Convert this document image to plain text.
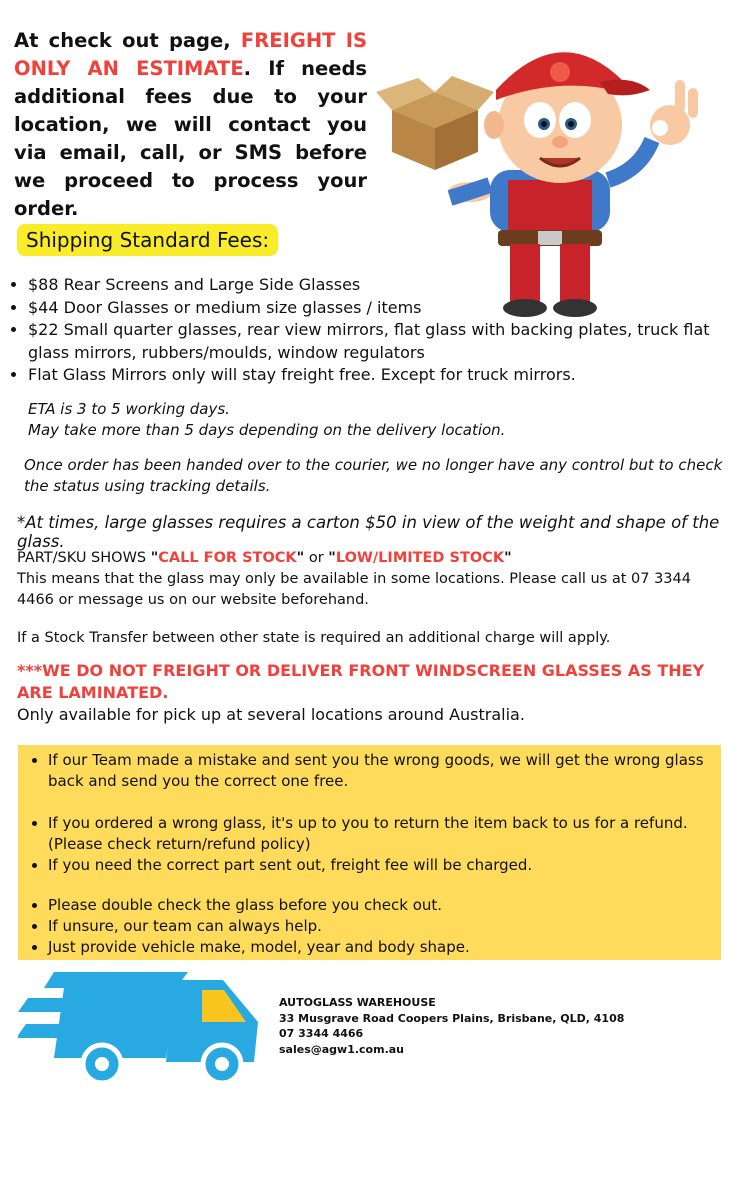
At check out page, FREIGHT IS ONLY AN ESTIMATE. If needs additional fees due to your location, we will contact you via email, call, or SMS before we proceed to process your order.
Shipping Standard Fees:
• $88 Rear Screens and Large Side Glasses
• $44 Door Glasses or medium size glasses / items
• $22 Small quarter glasses, rear view mirrors, flat glass with backing plates, truck flat glass mirrors, rubbers/moulds, window regulators
• Flat Glass Mirrors only will stay freight free. Except for truck mirrors.
ETA is 3 to 5 working days.
May take more than 5 days depending on the delivery location.
Once order has been handed over to the courier, we no longer have any control but to check the status using tracking details.
*At times, large glasses requires a carton $50 in view of the weight and shape of the glass.
PART/SKU SHOWS "CALL FOR STOCK" or "LOW/LIMITED STOCK"
This means that the glass may only be available in some locations. Please call us at 07 3344 4466 or message us on our website beforehand.
If a Stock Transfer between other state is required an additional charge will apply.
***WE DO NOT FREIGHT OR DELIVER FRONT WINDSCREEN GLASSES AS THEY ARE LAMINATED.
Only available for pick up at several locations around Australia.
• If our Team made a mistake and sent you the wrong goods, we will get the wrong glass back and send you the correct one free.
• If you ordered a wrong glass, it's up to you to return the item back to us for a refund. (Please check return/refund policy)
• If you need the correct part sent out, freight fee will be charged.
• Please double check the glass before you check out.
• If unsure, our team can always help.
• Just provide vehicle make, model, year and body shape.
AUTOGLASS WAREHOUSE
33 Musgrave Road Coopers Plains, Brisbane, QLD, 4108
07 3344 4466
sales@agw1.com.au
